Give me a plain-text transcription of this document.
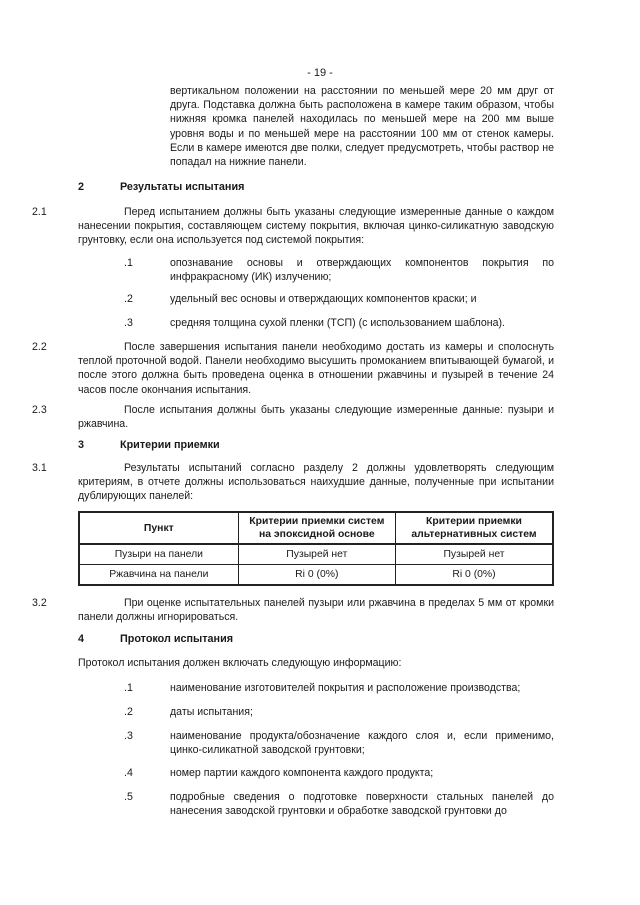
- 19 -
вертикальном положении на расстоянии по меньшей мере 20 мм друг от друга. Подставка должна быть расположена в камере таким образом, чтобы нижняя кромка панелей находилась по меньшей мере на 200 мм выше уровня воды и по меньшей мере на расстоянии 100 мм от стенок камеры. Если в камере имеются две полки, следует предусмотреть, чтобы раствор не попадал на нижние панели.
2	Результаты испытания
2.1	Перед испытанием должны быть указаны следующие измеренные данные о каждом нанесении покрытия, составляющем систему покрытия, включая цинко-силикатную заводскую грунтовку, если она используется под системой покрытия:
.1	опознавание основы и отверждающих компонентов покрытия по инфракрасному (ИК) излучению;
.2	удельный вес основы и отверждающих компонентов краски; и
.3	средняя толщина сухой пленки (ТСП) (с использованием шаблона).
2.2	После завершения испытания панели необходимо достать из камеры и сполоснуть теплой проточной водой. Панели необходимо высушить промоканием впитывающей бумагой, и после этого должна быть проведена оценка в отношении ржавчины и пузырей в течение 24 часов после окончания испытания.
2.3	После испытания должны быть указаны следующие измеренные данные: пузыри и ржавчина.
3	Критерии приемки
3.1	Результаты испытаний согласно разделу 2 должны удовлетворять следующим критериям, в отчете должны использоваться наихудшие данные, полученные при испытании дублирующих панелей:
Пункт	Критерии приемки систем на эпоксидной основе	Критерии приемки альтернативных систем
Пузыри на панели	Пузырей нет	Пузырей нет
Ржавчина на панели	Ri 0 (0%)	Ri 0 (0%)
3.2	При оценке испытательных панелей пузыри или ржавчина в пределах 5 мм от кромки панели должны игнорироваться.
4	Протокол испытания
Протокол испытания должен включать следующую информацию:
.1	наименование изготовителей покрытия и расположение производства;
.2	даты испытания;
.3	наименование продукта/обозначение каждого слоя и, если применимо, цинко-силикатной заводской грунтовки;
.4	номер партии каждого компонента каждого продукта;
.5	подробные сведения о подготовке поверхности стальных панелей до нанесения заводской грунтовки и обработке заводской грунтовки до
